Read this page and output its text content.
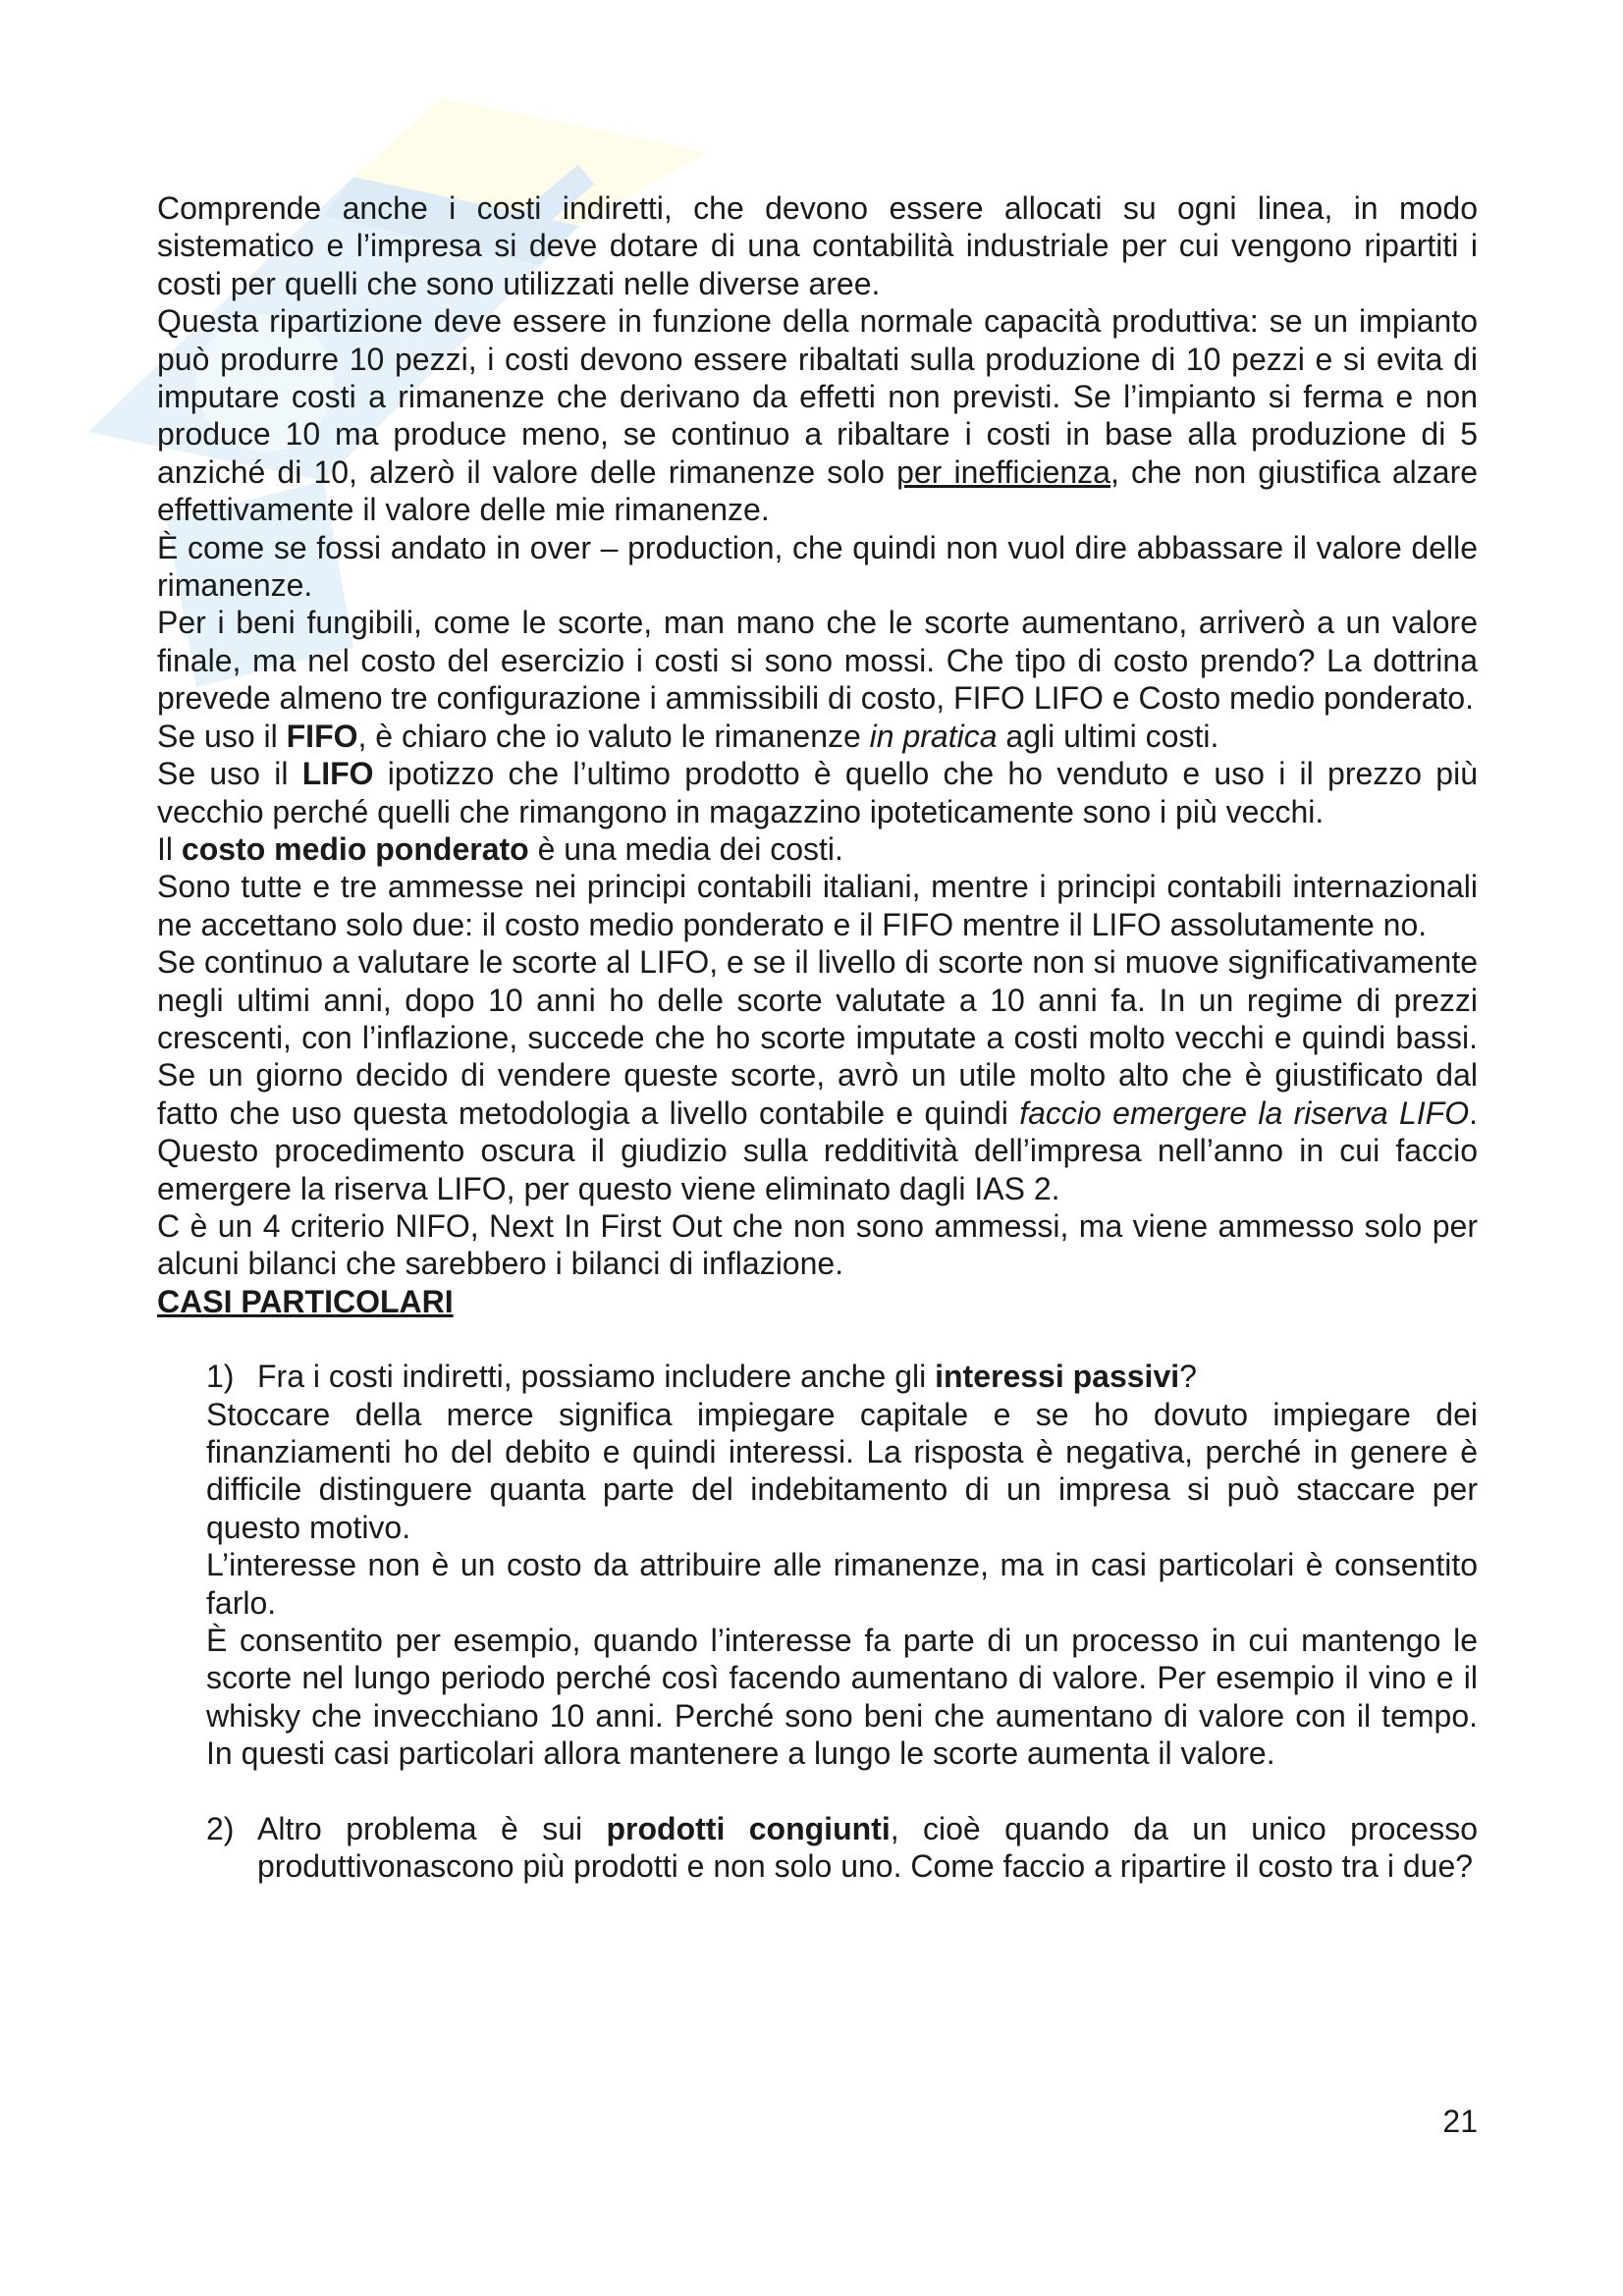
Comprende anche i costi indiretti, che devono essere allocati su ogni linea, in modo sistematico e l’impresa si deve dotare di una contabilità industriale per cui vengono ripartiti i costi per quelli che sono utilizzati nelle diverse aree.

Questa ripartizione deve essere in funzione della normale capacità produttiva: se un impianto può produrre 10 pezzi, i costi devono essere ribaltati sulla produzione di 10 pezzi e si evita di imputare costi a rimanenze che derivano da effetti non previsti. Se l’impianto si ferma e non produce 10 ma produce meno, se continuo a ribaltare i costi in base alla produzione di 5 anziché di 10, alzerò il valore delle rimanenze solo per inefficienza, che non giustifica alzare effettivamente il valore delle mie rimanenze.

È come se fossi andato in over – production, che quindi non vuol dire abbassare il valore delle rimanenze.

Per i beni fungibili, come le scorte, man mano che le scorte aumentano, arriverò a un valore finale, ma nel costo del esercizio i costi si sono mossi. Che tipo di costo prendo? La dottrina prevede almeno tre configurazione i ammissibili di costo, FIFO LIFO e Costo medio ponderato.

Se uso il FIFO, è chiaro che io valuto le rimanenze in pratica agli ultimi costi.

Se uso il LIFO ipotizzo che l’ultimo prodotto è quello che ho venduto e uso i il prezzo più vecchio perché quelli che rimangono in magazzino ipoteticamente sono i più vecchi.

Il costo medio ponderato è una media dei costi.

Sono tutte e tre ammesse nei principi contabili italiani, mentre i principi contabili internazionali ne accettano solo due: il costo medio ponderato e il FIFO mentre il LIFO assolutamente no.

Se continuo a valutare le scorte al LIFO, e se il livello di scorte non si muove significativamente negli ultimi anni, dopo 10 anni ho delle scorte valutate a 10 anni fa. In un regime di prezzi crescenti, con l’inflazione, succede che ho scorte imputate a costi molto vecchi e quindi bassi. Se un giorno decido di vendere queste scorte, avrò un utile molto alto che è giustificato dal fatto che uso questa metodologia a livello contabile e quindi faccio emergere la riserva LIFO. Questo procedimento oscura il giudizio sulla redditività dell’impresa nell’anno in cui faccio emergere la riserva LIFO, per questo viene eliminato dagli IAS 2.

C è un 4 criterio NIFO, Next In First Out che non sono ammessi, ma viene ammesso solo per alcuni bilanci che sarebbero i bilanci di inflazione.

CASI PARTICOLARI

1) Fra i costi indiretti, possiamo includere anche gli interessi passivi?

Stoccare della merce significa impiegare capitale e se ho dovuto impiegare dei finanziamenti ho del debito e quindi interessi. La risposta è negativa, perché in genere è difficile distinguere quanta parte del indebitamento di un impresa si può staccare per questo motivo.

L’interesse non è un costo da attribuire alle rimanenze, ma in casi particolari è consentito farlo.

È consentito per esempio, quando l’interesse fa parte di un processo in cui mantengo le scorte nel lungo periodo perché così facendo aumentano di valore. Per esempio il vino e il whisky che invecchiano 10 anni. Perché sono beni che aumentano di valore con il tempo. In questi casi particolari allora mantenere a lungo le scorte aumenta il valore.

2) Altro problema è sui prodotti congiunti, cioè quando da un unico processo produttivonascono più prodotti e non solo uno. Come faccio a ripartire il costo tra i due?
21
